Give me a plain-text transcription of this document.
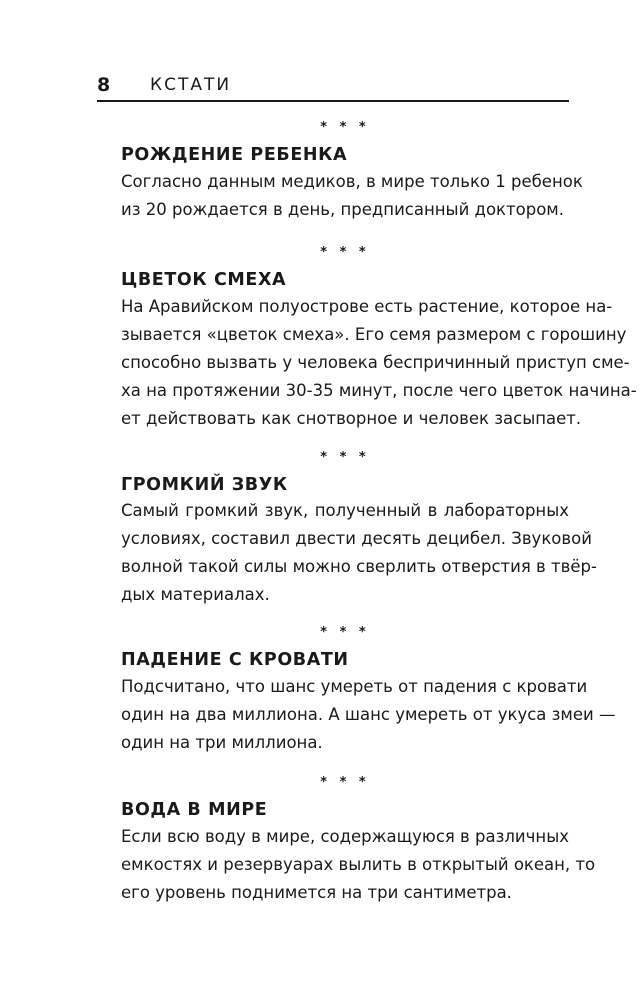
8 КСТАТИ
* * *
РОЖДЕНИЕ РЕБЕНКА
Согласно данным медиков, в мире только 1 ребенок
из 20 рождается в день, предписанный доктором.
* * *
ЦВЕТОК СМЕХА
На Аравийском полуострове есть растение, которое на-
зывается «цветок смеха». Его семя размером с горошину
способно вызвать у человека беспричинный приступ сме-
ха на протяжении 30-35 минут, после чего цветок начина-
ет действовать как снотворное и человек засыпает.
* * *
ГРОМКИЙ ЗВУК
Самый громкий звук, полученный в лабораторных
условиях, составил двести десять децибел. Звуковой
волной такой силы можно сверлить отверстия в твёр-
дых материалах.
* * *
ПАДЕНИЕ С КРОВАТИ
Подсчитано, что шанс умереть от падения с кровати
один на два миллиона. А шанс умереть от укуса змеи —
один на три миллиона.
* * *
ВОДА В МИРЕ
Если всю воду в мире, содержащуюся в различных
емкостях и резервуарах вылить в открытый океан, то
его уровень поднимется на три сантиметра.
